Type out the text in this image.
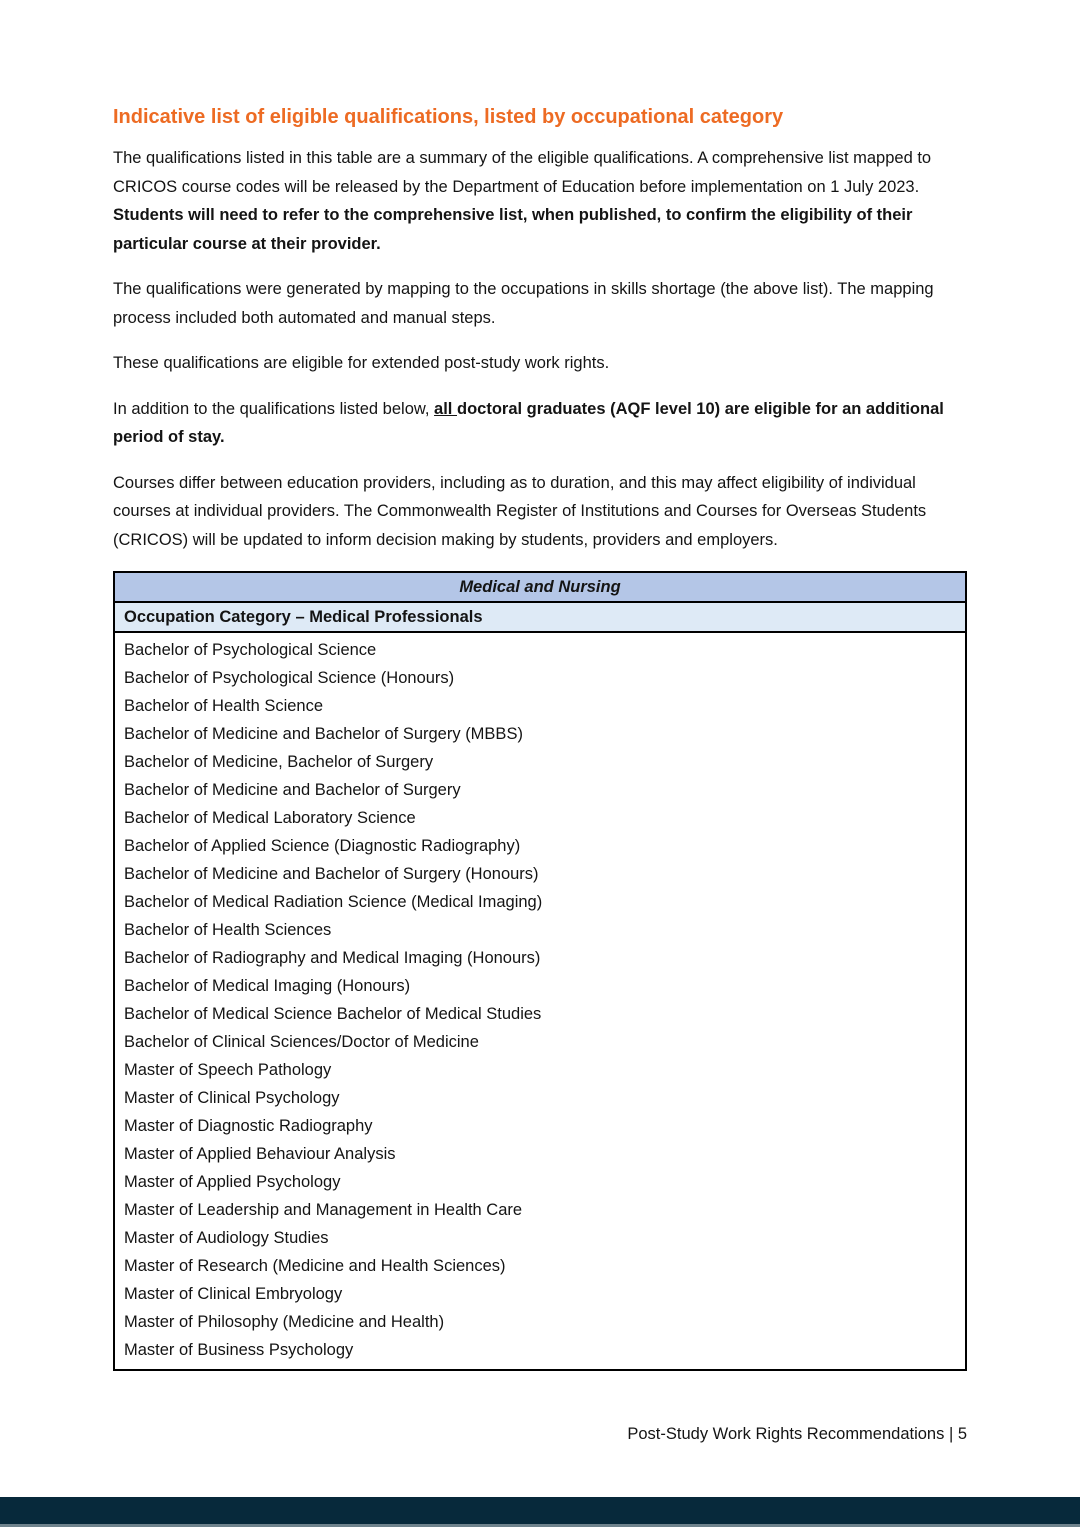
Indicative list of eligible qualifications, listed by occupational category

The qualifications listed in this table are a summary of the eligible qualifications. A comprehensive list mapped to CRICOS course codes will be released by the Department of Education before implementation on 1 July 2023. Students will need to refer to the comprehensive list, when published, to confirm the eligibility of their particular course at their provider.

The qualifications were generated by mapping to the occupations in skills shortage (the above list). The mapping process included both automated and manual steps.

These qualifications are eligible for extended post-study work rights.

In addition to the qualifications listed below, all doctoral graduates (AQF level 10) are eligible for an additional period of stay.

Courses differ between education providers, including as to duration, and this may affect eligibility of individual courses at individual providers. The Commonwealth Register of Institutions and Courses for Overseas Students (CRICOS) will be updated to inform decision making by students, providers and employers.

Medical and Nursing
Occupation Category – Medical Professionals
Bachelor of Psychological Science
Bachelor of Psychological Science (Honours)
Bachelor of Health Science
Bachelor of Medicine and Bachelor of Surgery (MBBS)
Bachelor of Medicine, Bachelor of Surgery
Bachelor of Medicine and Bachelor of Surgery
Bachelor of Medical Laboratory Science
Bachelor of Applied Science (Diagnostic Radiography)
Bachelor of Medicine and Bachelor of Surgery (Honours)
Bachelor of Medical Radiation Science (Medical Imaging)
Bachelor of Health Sciences
Bachelor of Radiography and Medical Imaging (Honours)
Bachelor of Medical Imaging (Honours)
Bachelor of Medical Science Bachelor of Medical Studies
Bachelor of Clinical Sciences/Doctor of Medicine
Master of Speech Pathology
Master of Clinical Psychology
Master of Diagnostic Radiography
Master of Applied Behaviour Analysis
Master of Applied Psychology
Master of Leadership and Management in Health Care
Master of Audiology Studies
Master of Research (Medicine and Health Sciences)
Master of Clinical Embryology
Master of Philosophy (Medicine and Health)
Master of Business Psychology
Post-Study Work Rights Recommendations | 5
